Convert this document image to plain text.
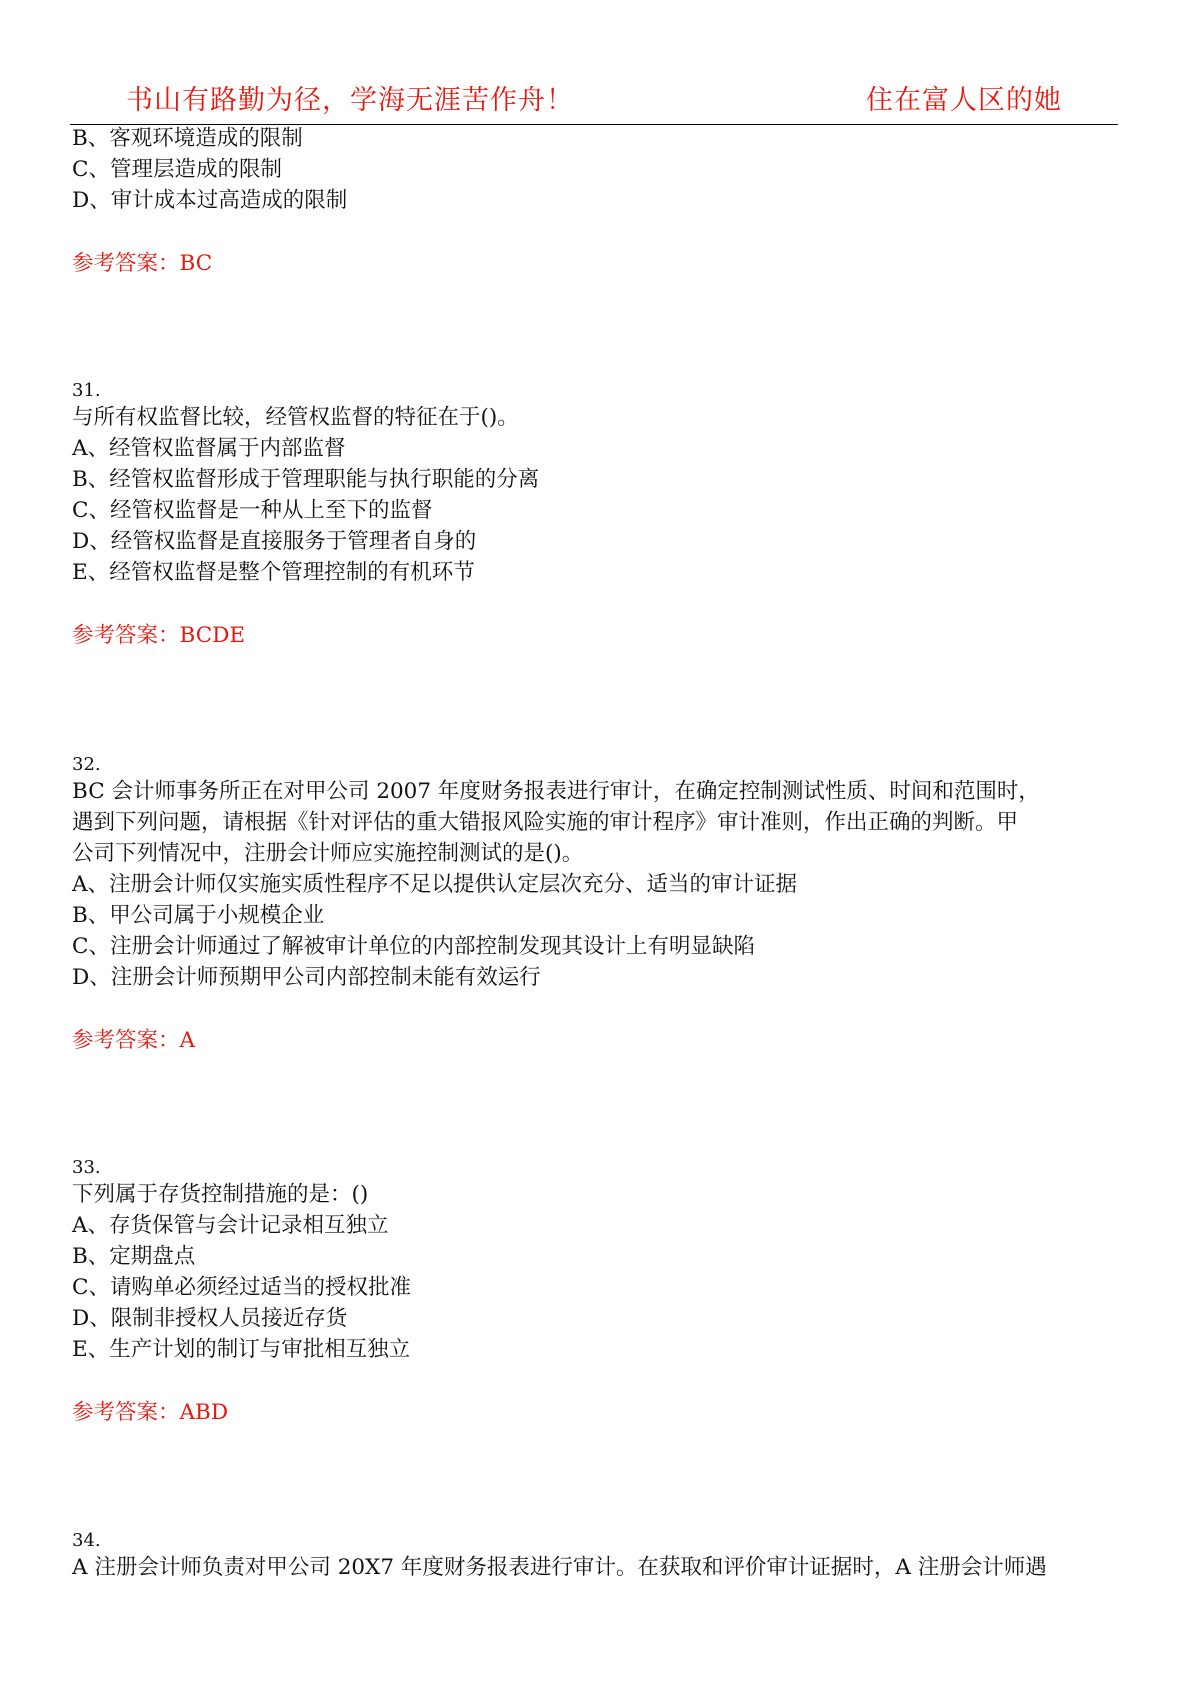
书山有路勤为径，学海无涯苦作舟！	住在富人区的她
B、客观环境造成的限制
C、管理层造成的限制
D、审计成本过高造成的限制
参考答案：BC
31.
与所有权监督比较，经管权监督的特征在于()。
A、经管权监督属于内部监督
B、经管权监督形成于管理职能与执行职能的分离
C、经管权监督是一种从上至下的监督
D、经管权监督是直接服务于管理者自身的
E、经管权监督是整个管理控制的有机环节
参考答案：BCDE
32.
BC 会计师事务所正在对甲公司 2007 年度财务报表进行审计，在确定控制测试性质、时间和范围时，
遇到下列问题，请根据《针对评估的重大错报风险实施的审计程序》审计准则，作出正确的判断。甲
公司下列情况中，注册会计师应实施控制测试的是()。
A、注册会计师仅实施实质性程序不足以提供认定层次充分、适当的审计证据
B、甲公司属于小规模企业
C、注册会计师通过了解被审计单位的内部控制发现其设计上有明显缺陷
D、注册会计师预期甲公司内部控制未能有效运行
参考答案：A
33.
下列属于存货控制措施的是：()
A、存货保管与会计记录相互独立
B、定期盘点
C、请购单必须经过适当的授权批准
D、限制非授权人员接近存货
E、生产计划的制订与审批相互独立
参考答案：ABD
34.
A 注册会计师负责对甲公司 20X7 年度财务报表进行审计。在获取和评价审计证据时，A 注册会计师遇
